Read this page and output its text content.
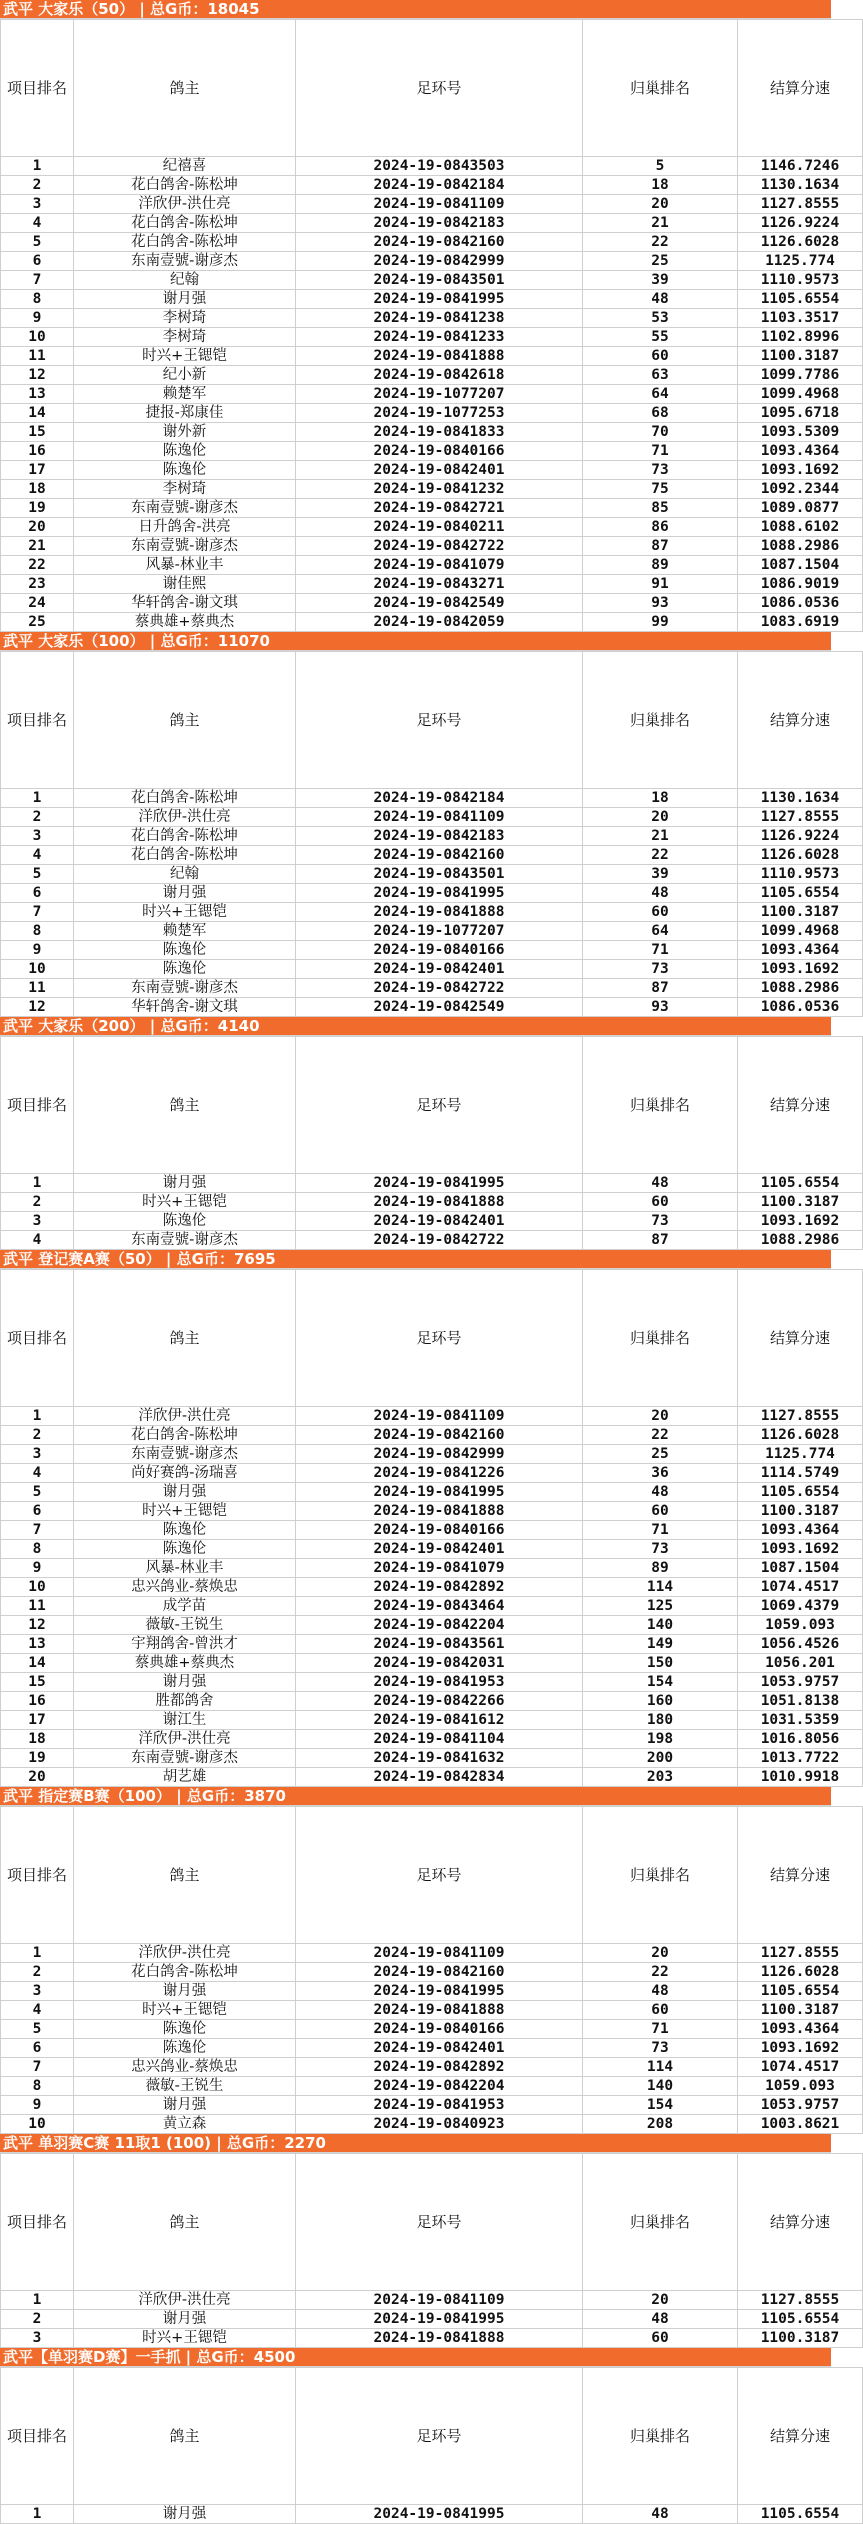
武平 大家乐（50） | 总G币：18045
项目排名	鸽主	足环号	归巢排名	结算分速	
1	纪禧喜	2024-19-0843503	5	1146.7246	
2	花白鸽舍-陈松坤	2024-19-0842184	18	1130.1634	
3	洋欣伊-洪仕亮	2024-19-0841109	20	1127.8555	
4	花白鸽舍-陈松坤	2024-19-0842183	21	1126.9224	
5	花白鸽舍-陈松坤	2024-19-0842160	22	1126.6028	
6	东南壹號-谢彦杰	2024-19-0842999	25	1125.774	
7	纪翰	2024-19-0843501	39	1110.9573	
8	谢月强	2024-19-0841995	48	1105.6554	
9	李树琦	2024-19-0841238	53	1103.3517	
10	李树琦	2024-19-0841233	55	1102.8996	
11	时兴+王锶铠	2024-19-0841888	60	1100.3187	
12	纪小新	2024-19-0842618	63	1099.7786	
13	赖楚军	2024-19-1077207	64	1099.4968	
14	捷报-郑康佳	2024-19-1077253	68	1095.6718	
15	谢外新	2024-19-0841833	70	1093.5309	
16	陈逸伦	2024-19-0840166	71	1093.4364	
17	陈逸伦	2024-19-0842401	73	1093.1692	
18	李树琦	2024-19-0841232	75	1092.2344	
19	东南壹號-谢彦杰	2024-19-0842721	85	1089.0877	
20	日升鸽舍-洪亮	2024-19-0840211	86	1088.6102	
21	东南壹號-谢彦杰	2024-19-0842722	87	1088.2986	
22	风暴-林业丰	2024-19-0841079	89	1087.1504	
23	谢佳熙	2024-19-0843271	91	1086.9019	
24	华轩鸽舍-谢文琪	2024-19-0842549	93	1086.0536	
25	蔡典雄+蔡典杰	2024-19-0842059	99	1083.6919	
武平 大家乐（100） | 总G币：11070
项目排名	鸽主	足环号	归巢排名	结算分速	
1	花白鸽舍-陈松坤	2024-19-0842184	18	1130.1634	
2	洋欣伊-洪仕亮	2024-19-0841109	20	1127.8555	
3	花白鸽舍-陈松坤	2024-19-0842183	21	1126.9224	
4	花白鸽舍-陈松坤	2024-19-0842160	22	1126.6028	
5	纪翰	2024-19-0843501	39	1110.9573	
6	谢月强	2024-19-0841995	48	1105.6554	
7	时兴+王锶铠	2024-19-0841888	60	1100.3187	
8	赖楚军	2024-19-1077207	64	1099.4968	
9	陈逸伦	2024-19-0840166	71	1093.4364	
10	陈逸伦	2024-19-0842401	73	1093.1692	
11	东南壹號-谢彦杰	2024-19-0842722	87	1088.2986	
12	华轩鸽舍-谢文琪	2024-19-0842549	93	1086.0536	
武平 大家乐（200） | 总G币：4140
项目排名	鸽主	足环号	归巢排名	结算分速	
1	谢月强	2024-19-0841995	48	1105.6554	
2	时兴+王锶铠	2024-19-0841888	60	1100.3187	
3	陈逸伦	2024-19-0842401	73	1093.1692	
4	东南壹號-谢彦杰	2024-19-0842722	87	1088.2986	
武平 登记赛A赛（50） | 总G币：7695
项目排名	鸽主	足环号	归巢排名	结算分速	
1	洋欣伊-洪仕亮	2024-19-0841109	20	1127.8555	
2	花白鸽舍-陈松坤	2024-19-0842160	22	1126.6028	
3	东南壹號-谢彦杰	2024-19-0842999	25	1125.774	
4	尚好赛鸽-汤瑞喜	2024-19-0841226	36	1114.5749	
5	谢月强	2024-19-0841995	48	1105.6554	
6	时兴+王锶铠	2024-19-0841888	60	1100.3187	
7	陈逸伦	2024-19-0840166	71	1093.4364	
8	陈逸伦	2024-19-0842401	73	1093.1692	
9	风暴-林业丰	2024-19-0841079	89	1087.1504	
10	忠兴鸽业-蔡焕忠	2024-19-0842892	114	1074.4517	
11	成学苗	2024-19-0843464	125	1069.4379	
12	薇敏-王锐生	2024-19-0842204	140	1059.093	
13	宇翔鸽舍-曾洪才	2024-19-0843561	149	1056.4526	
14	蔡典雄+蔡典杰	2024-19-0842031	150	1056.201	
15	谢月强	2024-19-0841953	154	1053.9757	
16	胜都鸽舍	2024-19-0842266	160	1051.8138	
17	谢江生	2024-19-0841612	180	1031.5359	
18	洋欣伊-洪仕亮	2024-19-0841104	198	1016.8056	
19	东南壹號-谢彦杰	2024-19-0841632	200	1013.7722	
20	胡艺雄	2024-19-0842834	203	1010.9918	
武平 指定赛B赛（100） | 总G币：3870
项目排名	鸽主	足环号	归巢排名	结算分速	
1	洋欣伊-洪仕亮	2024-19-0841109	20	1127.8555	
2	花白鸽舍-陈松坤	2024-19-0842160	22	1126.6028	
3	谢月强	2024-19-0841995	48	1105.6554	
4	时兴+王锶铠	2024-19-0841888	60	1100.3187	
5	陈逸伦	2024-19-0840166	71	1093.4364	
6	陈逸伦	2024-19-0842401	73	1093.1692	
7	忠兴鸽业-蔡焕忠	2024-19-0842892	114	1074.4517	
8	薇敏-王锐生	2024-19-0842204	140	1059.093	
9	谢月强	2024-19-0841953	154	1053.9757	
10	黄立森	2024-19-0840923	208	1003.8621	
武平 单羽赛C赛 11取1 (100) | 总G币：2270
项目排名	鸽主	足环号	归巢排名	结算分速	
1	洋欣伊-洪仕亮	2024-19-0841109	20	1127.8555	
2	谢月强	2024-19-0841995	48	1105.6554	
3	时兴+王锶铠	2024-19-0841888	60	1100.3187	
武平【单羽赛D赛】一手抓 | 总G币：4500
项目排名	鸽主	足环号	归巢排名	结算分速	
1	谢月强	2024-19-0841995	48	1105.6554	
